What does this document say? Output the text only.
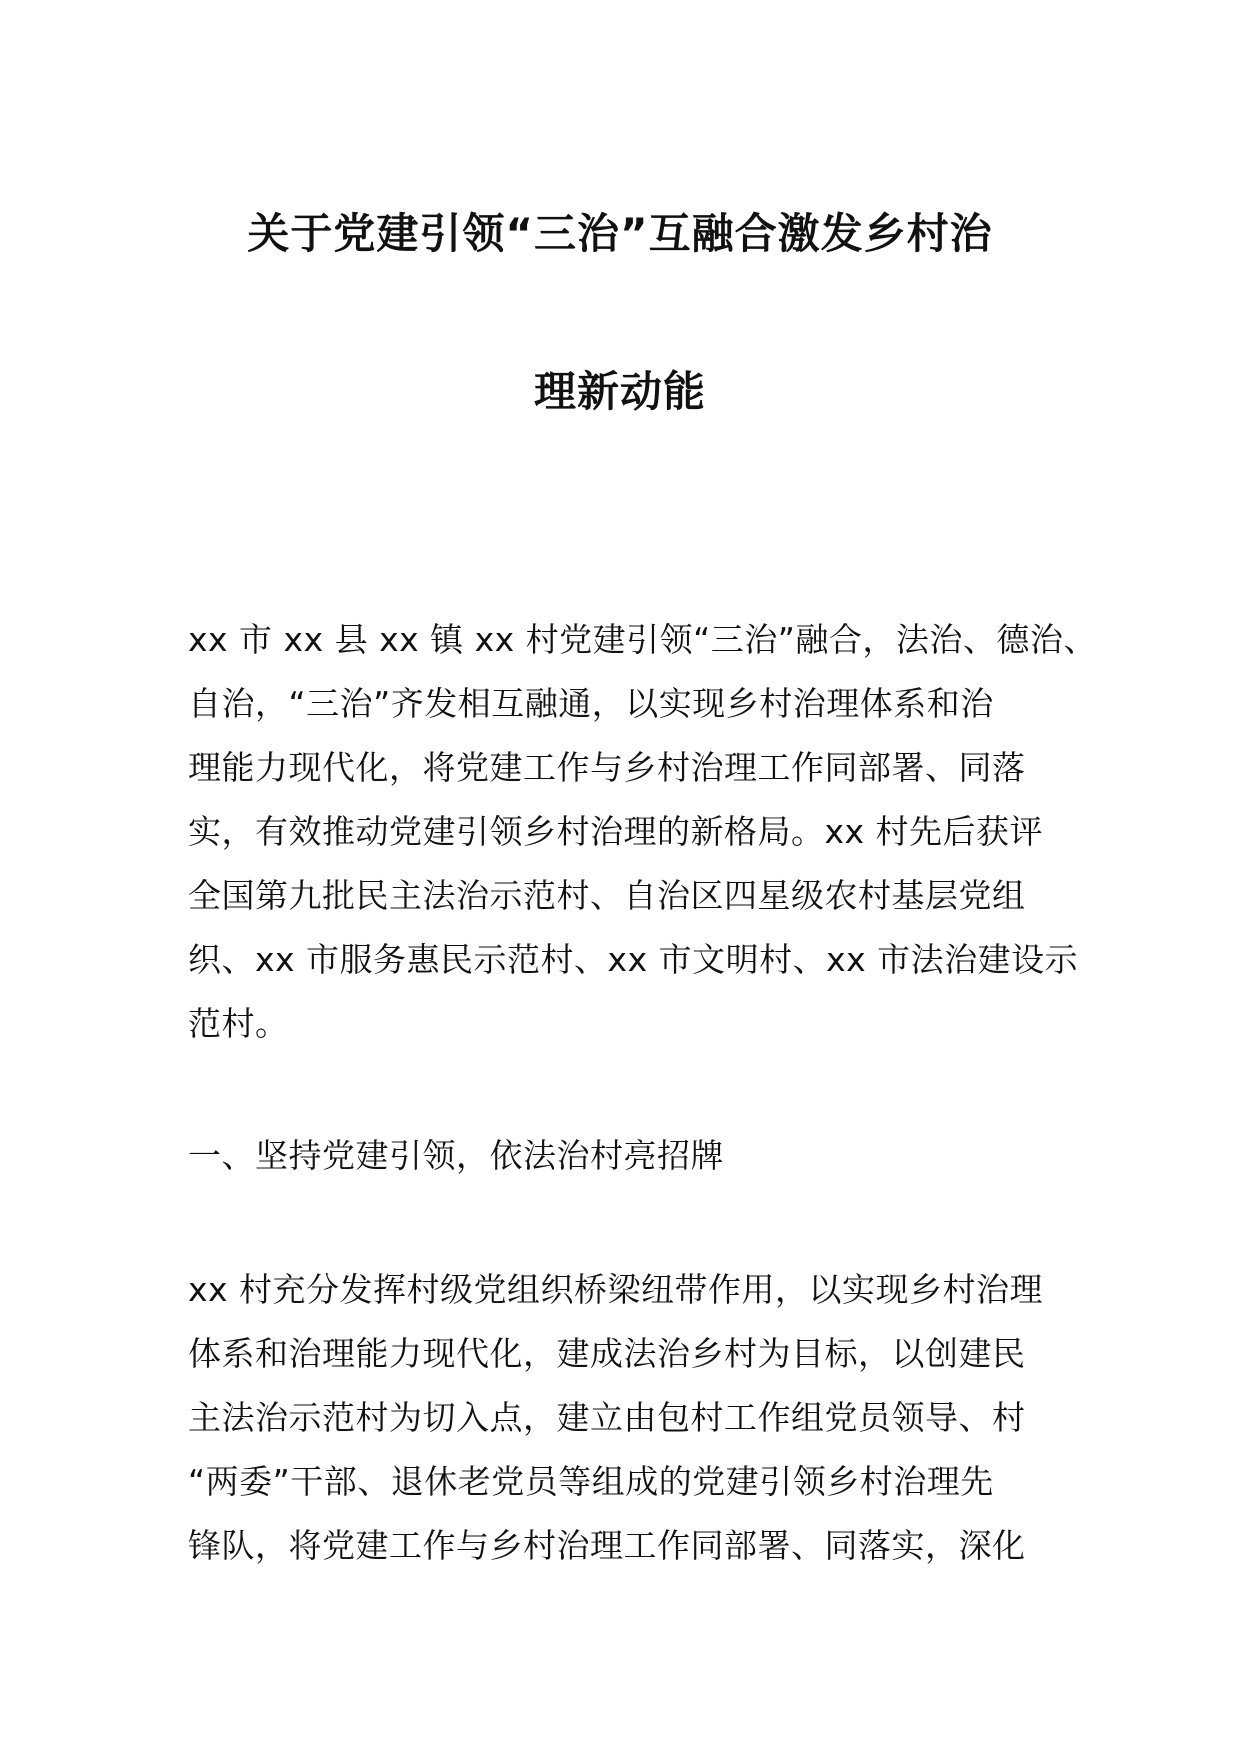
关于党建引领“三治”互融合激发乡村治
理新动能
xx 市 xx 县 xx 镇 xx 村党建引领“三治”融合，法治、德治、
自治，“三治”齐发相互融通，以实现乡村治理体系和治
理能力现代化，将党建工作与乡村治理工作同部署、同落
实，有效推动党建引领乡村治理的新格局。xx 村先后获评
全国第九批民主法治示范村、自治区四星级农村基层党组
织、xx 市服务惠民示范村、xx 市文明村、xx 市法治建设示
范村。
一、坚持党建引领，依法治村亮招牌
xx 村充分发挥村级党组织桥梁纽带作用，以实现乡村治理
体系和治理能力现代化，建成法治乡村为目标，以创建民
主法治示范村为切入点，建立由包村工作组党员领导、村
“两委”干部、退休老党员等组成的党建引领乡村治理先
锋队，将党建工作与乡村治理工作同部署、同落实，深化
